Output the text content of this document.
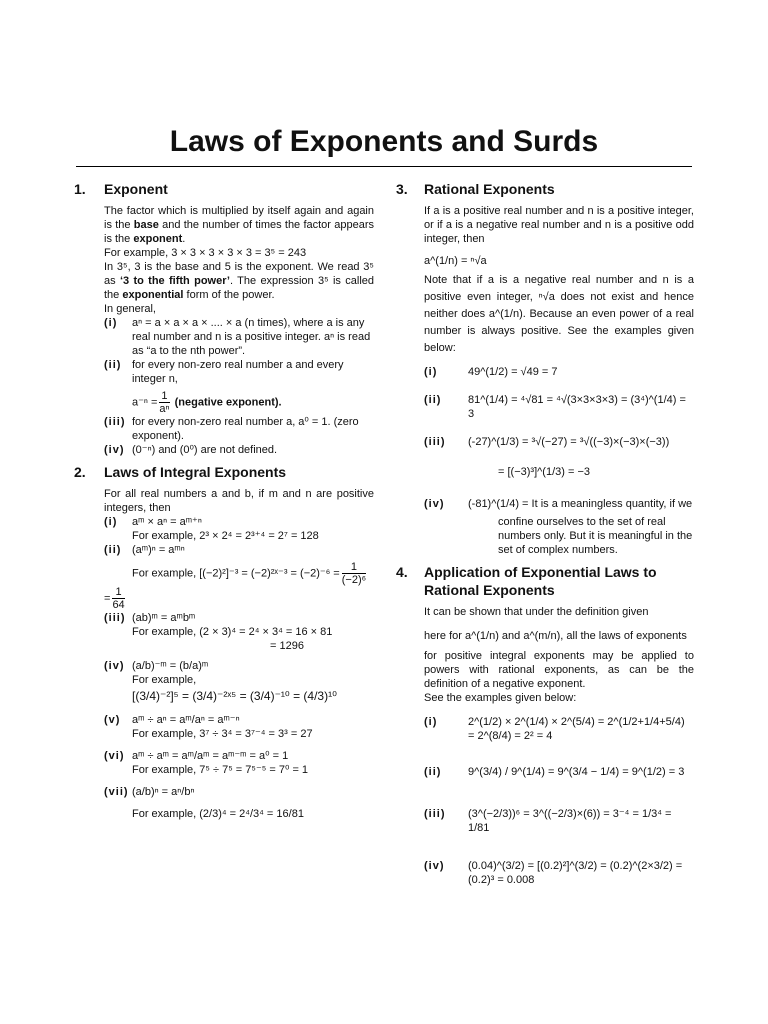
Laws of Exponents and Surds
1. Exponent
The factor which is multiplied by itself again and again is the base and the number of times the factor appears is the exponent.
For example, 3 × 3 × 3 × 3 × 3 = 3⁵ = 243
In 3⁵, 3 is the base and 5 is the exponent. We read 3⁵ as ‘3 to the fifth power’. The expression 3⁵ is called the exponential form of the power.
In general,
(i) aⁿ = a × a × a × .... × a (n times), where a is any real number and n is a positive integer. aⁿ is read as “a to the nth power”.
(ii) for every non-zero real number a and every integer n,
$a^{-n} = \frac{1}{\text{aⁿ}}$ (negative exponent).
(iii) for every non-zero real number a, a⁰ = 1. (zero exponent).
(iv) (0⁻ⁿ) and (0⁰) are not defined.
2. Laws of Integral Exponents
For all real numbers a and b, if m and n are positive integers, then
(i) aᵐ × aⁿ = aᵐ⁺ⁿ
For example, 2³ × 2⁴ = 2³⁺⁴ = 2⁷ = 128
(ii) (aᵐ)ⁿ = aᵐⁿ
For example, [(−2)²]⁻³ = (−2)²ˣ⁻³ = $(-2)^{-6} = \frac{1}{\text{(−2)⁶}}$
= $\frac{1}{64}$
(iii) (ab)ᵐ = aᵐbᵐ
For example, (2 × 3)⁴ = 2⁴ × 3⁴ = 16 × 81
= 1296
(iv) (a/b)⁻ᵐ = (b/a)ᵐ
For example,
[(3/4)⁻²]⁵ = (3/4)⁻²ˣ⁵ = (3/4)⁻¹⁰ = (4/3)¹⁰
(v) aᵐ ÷ aⁿ = aᵐ/aⁿ = aᵐ⁻ⁿ
For example, 3⁷ ÷ 3⁴ = 3⁷⁻⁴ = 3³ = 27
(vi) aᵐ ÷ aᵐ = aᵐ/aᵐ = aᵐ⁻ᵐ = a⁰ = 1
For example, 7⁵ ÷ 7⁵ = 7⁵⁻⁵ = 7⁰ = 1
(vii) (a/b)ⁿ = aⁿ/bⁿ
For example, (2/3)⁴ = 2⁴/3⁴ = 16/81
3. Rational Exponents
If a is a positive real number and n is a positive integer, or if a is a negative real number and n is a positive odd integer, then
a^(1/n) = ⁿ√a
Note that if a is a negative real number and n is a positive even integer, ⁿ√a does not exist and hence neither does a^(1/n). Because an even power of a real number is always positive. See the examples given below:
(i)	49^(1/2) = √49 = 7
(ii) 81^(1/4) = ⁴√81 = ⁴√(3×3×3×3) = (3⁴)^(1/4) = 3
(iii) (-27)^(1/3) = ³√(−27) = ³√((−3)×(−3)×(−3))
= [(−3)³]^(1/3) = −3
(iv) (-81)^(1/4) = It is a meaningless quantity, if we
confine ourselves to the set of real numbers only. But it is meaningful in the set of complex numbers.
4. Application of Exponential Laws to Rational Exponents
It can be shown that under the definition given
here for a^(1/n) and a^(m/n), all the laws of exponents
for positive integral exponents may be applied to powers with rational exponents, as can be the definition of a negative exponent.
See the examples given below:
(i)	2^(1/2) × 2^(1/4) × 2^(5/4) = 2^(1/2+1/4+5/4) = 2^(8/4) = 2² = 4
(ii) 9^(3/4) / 9^(1/4) = 9^(3/4 − 1/4) = 9^(1/2) = 3
(iii) (3^(−2/3))⁶ = 3^((−2/3)×(6)) = 3⁻⁴ = 1/3⁴ = 1/81
(iv) (0.04)^(3/2) = [(0.2)²]^(3/2) = (0.2)^(2×3/2) = (0.2)³ = 0.008
